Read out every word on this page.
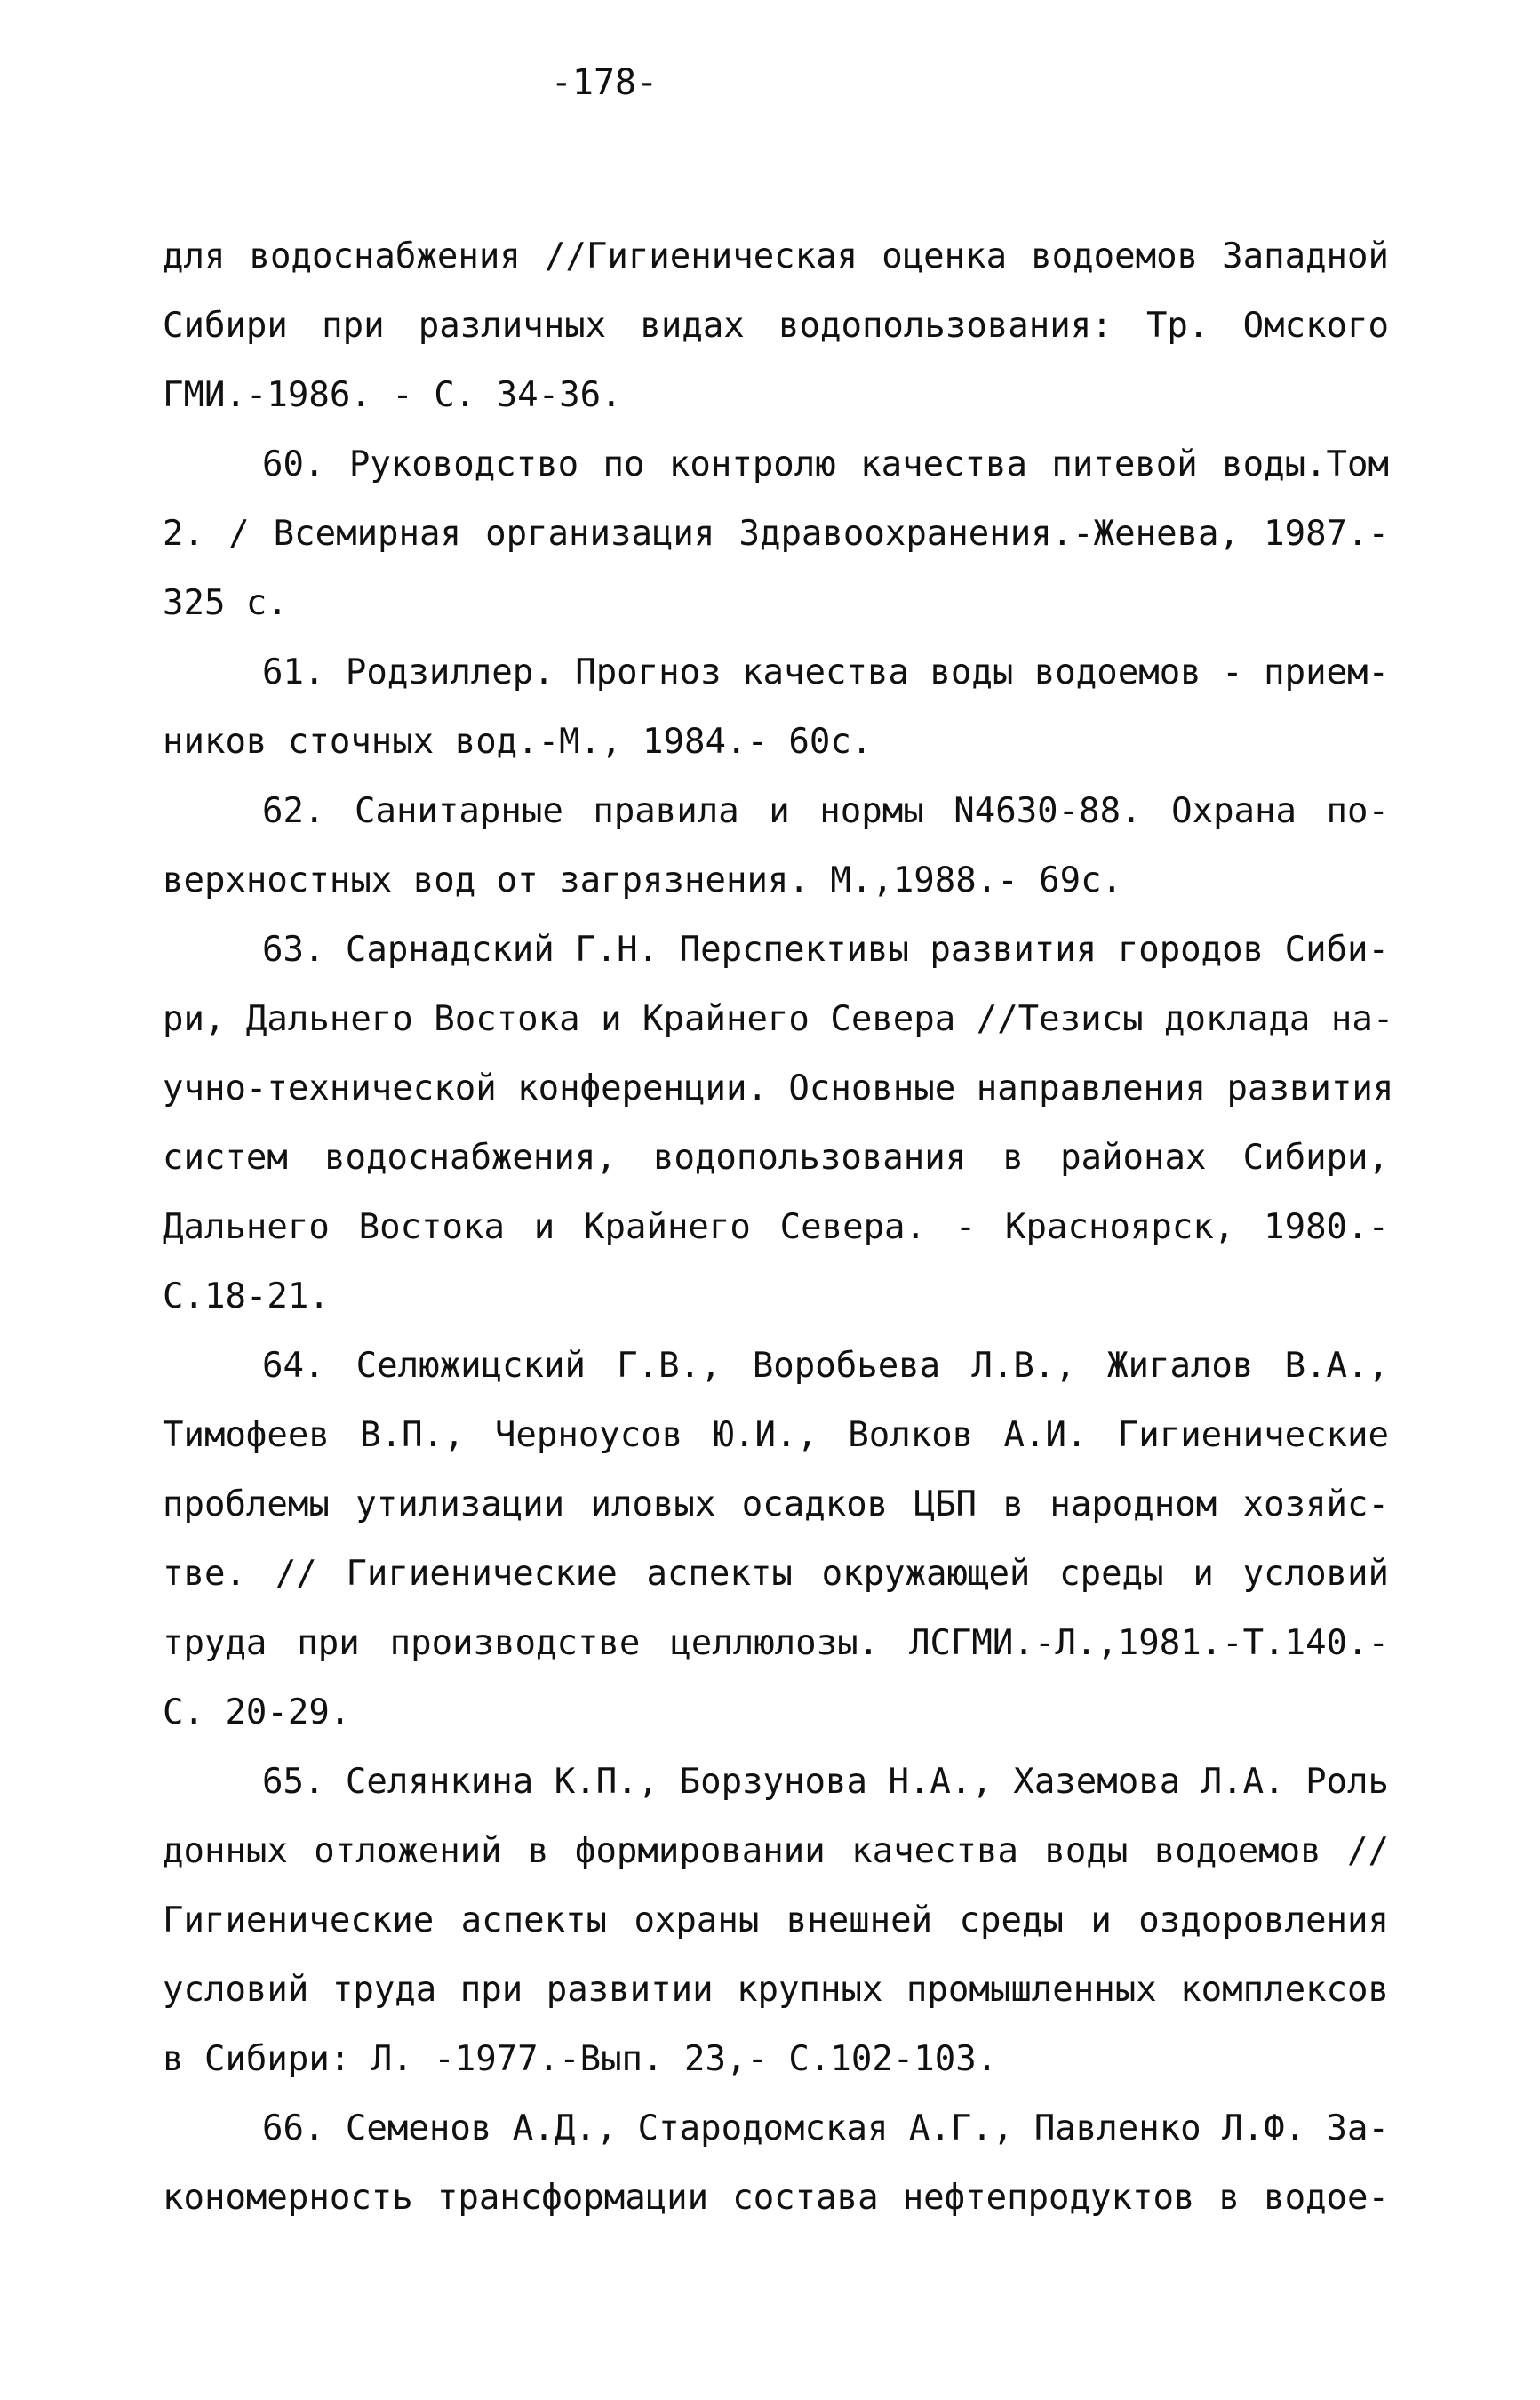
-178-
для водоснабжения //Гигиеническая оценка водоемов Западной
Сибири при различных видах водопользования: Тр. Омского
ГМИ.-1986. - С. 34-36.
60. Руководство по контролю качества питевой воды.Том
2. / Всемирная организация Здравоохранения.-Женева, 1987.-
325 с.
61. Родзиллер. Прогноз качества воды водоемов - прием-
ников сточных вод.-М., 1984.- 60с.
62. Санитарные правила и нормы N4630-88. Охрана по-
верхностных вод от загрязнения. М.,1988.- 69с.
63. Сарнадский Г.Н. Перспективы развития городов Сиби-
ри, Дальнего Востока и Крайнего Севера //Тезисы доклада на-
учно-технической конференции. Основные направления развития
систем водоснабжения, водопользования в районах Сибири,
Дальнего Востока и Крайнего Севера. - Красноярск, 1980.-
С.18-21.
64. Селюжицский Г.В., Воробьева Л.В., Жигалов В.А.,
Тимофеев В.П., Черноусов Ю.И., Волков А.И. Гигиенические
проблемы утилизации иловых осадков ЦБП в народном хозяйс-
тве. // Гигиенические аспекты окружающей среды и условий
труда при производстве целлюлозы. ЛСГМИ.-Л.,1981.-Т.140.-
С. 20-29.
65. Селянкина К.П., Борзунова Н.А., Хаземова Л.А. Роль
донных отложений в формировании качества воды водоемов //
Гигиенические аспекты охраны внешней среды и оздоровления
условий труда при развитии крупных промышленных комплексов
в Сибири: Л. -1977.-Вып. 23,- С.102-103.
66. Семенов А.Д., Стародомская А.Г., Павленко Л.Ф. За-
кономерность трансформации состава нефтепродуктов в водое-
